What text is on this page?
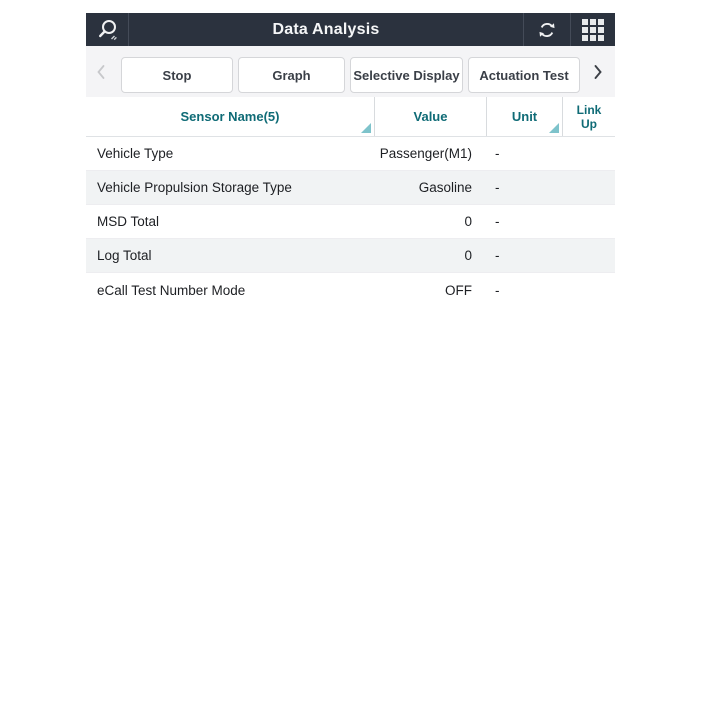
Data Analysis
Stop	Graph	Selective Display	Actuation Test
Sensor Name(5)	Value	Unit	Link Up
Vehicle Type	Passenger(M1)	-
Vehicle Propulsion Storage Type	Gasoline	-
MSD Total	0	-
Log Total	0	-
eCall Test Number Mode	OFF	-
